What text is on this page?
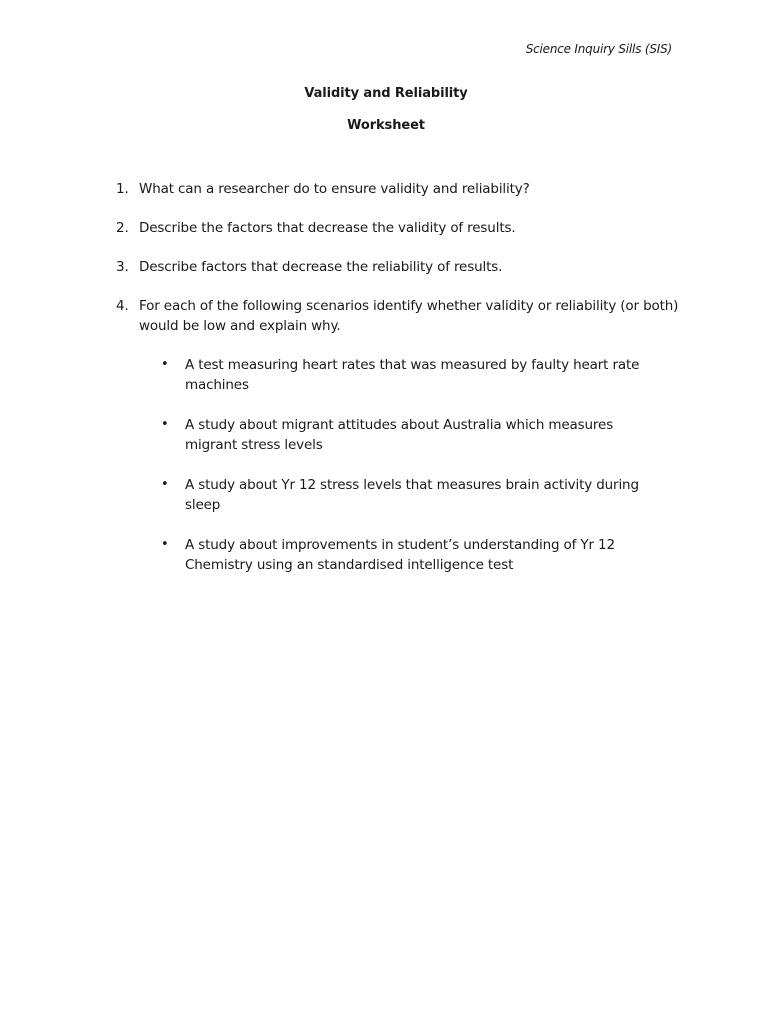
Science Inquiry Sills (SIS)
Validity and Reliability
Worksheet
1. What can a researcher do to ensure validity and reliability?
2. Describe the factors that decrease the validity of results.
3. Describe factors that decrease the reliability of results.
4. For each of the following scenarios identify whether validity or reliability (or both) would be low and explain why.
•	A test measuring heart rates that was measured by faulty heart rate machines
•	A study about migrant attitudes about Australia which measures migrant stress levels
•	A study about Yr 12 stress levels that measures brain activity during sleep
•	A study about improvements in student’s understanding of Yr 12 Chemistry using an standardised intelligence test
